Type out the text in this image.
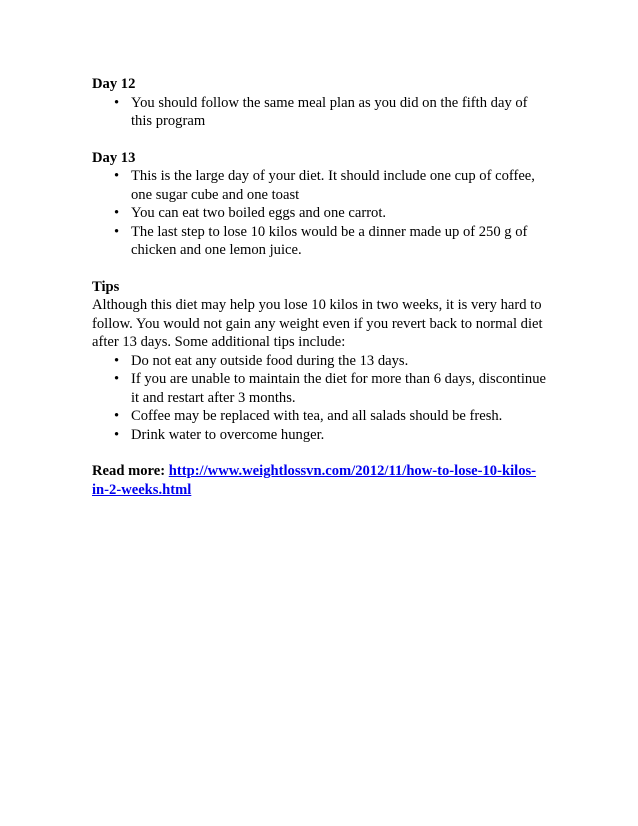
Day 12
• You should follow the same meal plan as you did on the fifth day of this program
Day 13
• This is the large day of your diet. It should include one cup of coffee, one sugar cube and one toast
• You can eat two boiled eggs and one carrot.
• The last step to lose 10 kilos would be a dinner made up of 250 g of chicken and one lemon juice.
Tips
Although this diet may help you lose 10 kilos in two weeks, it is very hard to follow. You would not gain any weight even if you revert back to normal diet after 13 days. Some additional tips include:
• Do not eat any outside food during the 13 days.
• If you are unable to maintain the diet for more than 6 days, discontinue it and restart after 3 months.
• Coffee may be replaced with tea, and all salads should be fresh.
• Drink water to overcome hunger.
Read more: http://www.weightlossvn.com/2012/11/how-to-lose-10-kilos-in-2-weeks.html
